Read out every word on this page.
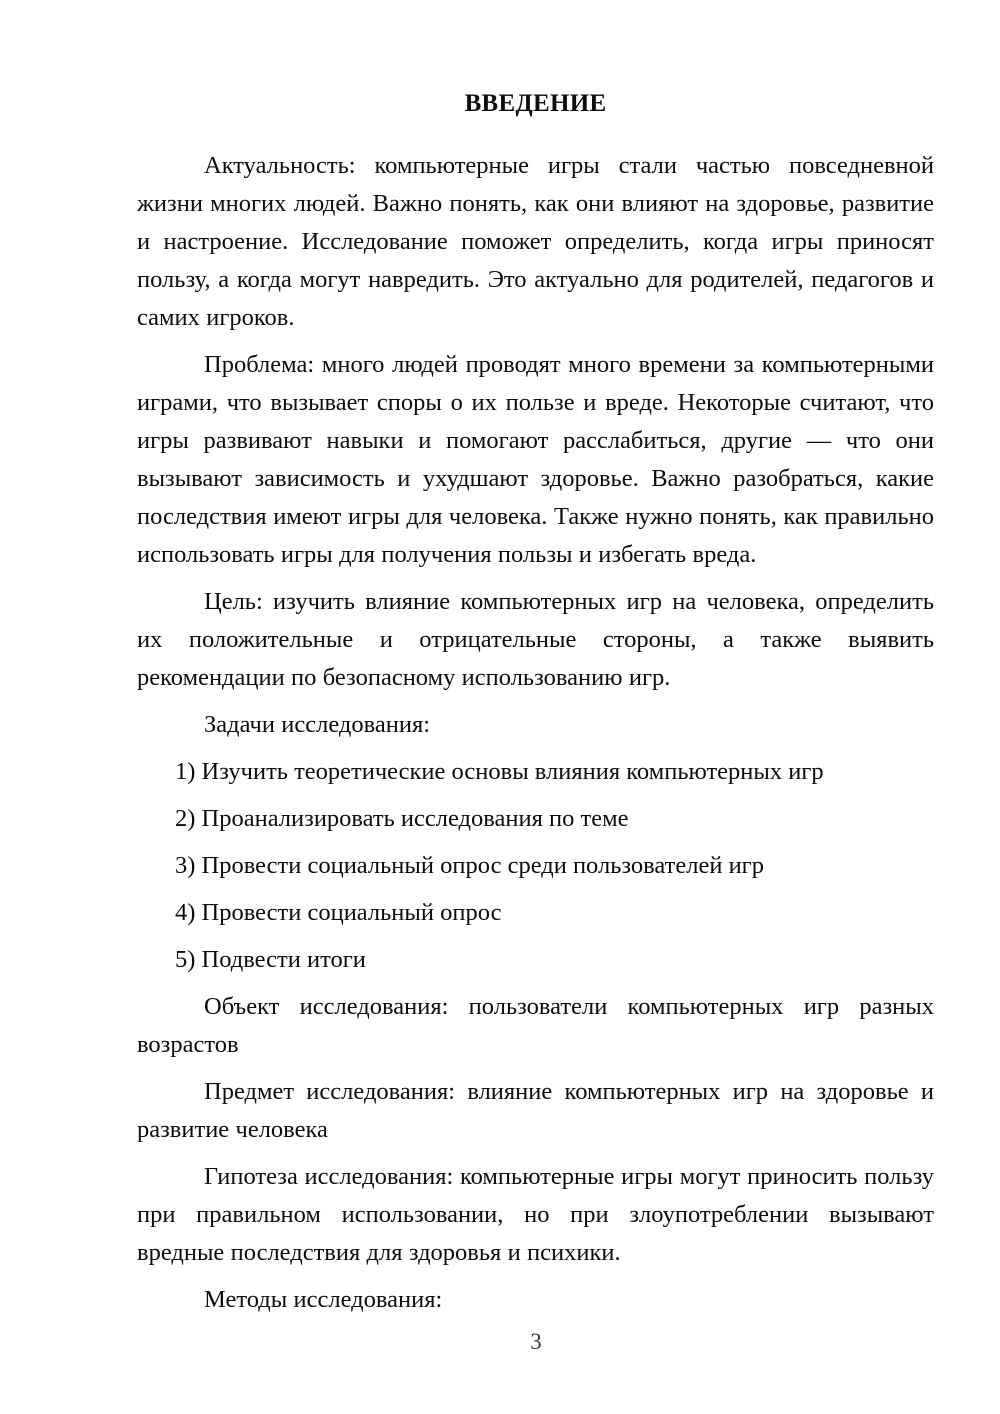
ВВЕДЕНИЕ

Актуальность: компьютерные игры стали частью повседневной жизни многих людей. Важно понять, как они влияют на здоровье, развитие и настроение. Исследование поможет определить, когда игры приносят пользу, а когда могут навредить. Это актуально для родителей, педагогов и самих игроков.

Проблема: много людей проводят много времени за компьютерными играми, что вызывает споры о их пользе и вреде. Некоторые считают, что игры развивают навыки и помогают расслабиться, другие — что они вызывают зависимость и ухудшают здоровье. Важно разобраться, какие последствия имеют игры для человека. Также нужно понять, как правильно использовать игры для получения пользы и избегать вреда.

Цель: изучить влияние компьютерных игр на человека, определить их положительные и отрицательные стороны, а также выявить рекомендации по безопасному использованию игр.

Задачи исследования:

1) Изучить теоретические основы влияния компьютерных игр
2) Проанализировать исследования по теме
3) Провести социальный опрос среди пользователей игр
4) Провести социальный опрос
5) Подвести итоги

Объект исследования: пользователи компьютерных игр разных возрастов

Предмет исследования: влияние компьютерных игр на здоровье и развитие человека

Гипотеза исследования: компьютерные игры могут приносить пользу при правильном использовании, но при злоупотреблении вызывают вредные последствия для здоровья и психики.

Методы исследования:

3
